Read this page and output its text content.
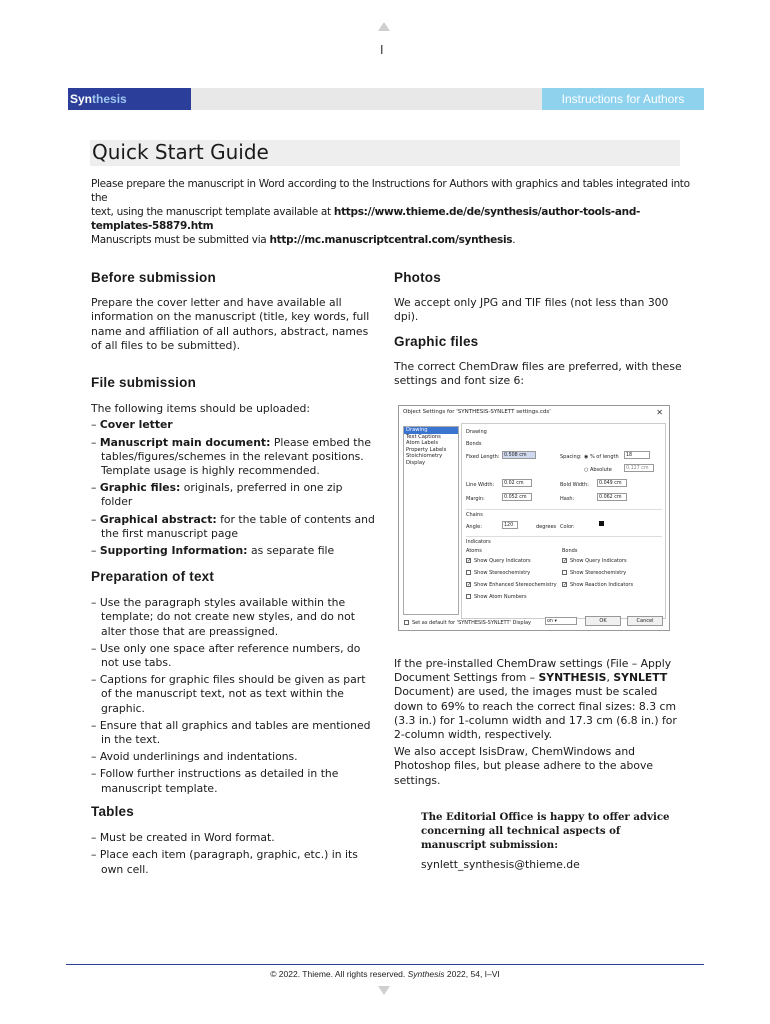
I
Synthesis	Instructions for Authors
Quick Start Guide
Please prepare the manuscript in Word according to the Instructions for Authors with graphics and tables integrated into the
text, using the manuscript template available at https://www.thieme.de/de/synthesis/author-tools-and-templates-58879.htm
Manuscripts must be submitted via http://mc.manuscriptcentral.com/synthesis.
Before submission

Prepare the cover letter and have available all information on the manuscript (title, key words, full name and affiliation of all authors, abstract, names of all files to be submitted).

File submission

The following items should be uploaded:

– Cover letter
– Manuscript main document: Please embed the tables/figures/schemes in the relevant positions. Template usage is highly recommended.
– Graphic files: originals, preferred in one zip folder
– Graphical abstract: for the table of contents and the first manuscript page
– Supporting Information: as separate file
Preparation of text
– Use the paragraph styles available within the template; do not create new styles, and do not alter those that are preassigned.
– Use only one space after reference numbers, do not use tabs.
– Captions for graphic files should be given as part of the manuscript text, not as text within the graphic.
– Ensure that all graphics and tables are mentioned in the text.
– Avoid underlinings and indentations.
– Follow further instructions as detailed in the manuscript template.
Tables
– Must be created in Word format.
– Place each item (paragraph, graphic, etc.) in its own cell.
Photos

We accept only JPG and TIF files (not less than 300 dpi).

Graphic files

The correct ChemDraw files are preferred, with these settings and font size 6:

Object Settings for 'SYNTHESIS-SYNLETT settings.cds'	✕
Drawing
Text Captions
Atom Labels
Property Labels
Stoichiometry Display
Drawing
Bonds
Fixed Length: 0.508 cm	Spacing: ◉ % of length	18
○ Absolute	0.127 cm
Line Width:	0.02 cm	Bold Width:	0.049 cm
Margin:	0.052 cm	Hash:	0.062 cm
Chains
Angle:	120	degrees Color:
Indicators
Atoms	Bonds
✓ Show Query Indicators	✓ Show Query Indicators
Show Stereochemistry	Show Stereochemistry
✓ Show Enhanced Stereochemistry ✓ Show Reaction Indicators
Show Atom Numbers
Set as default for 'SYNTHESIS-SYNLETT' Display	on ▾	OK	Cancel

If the pre-installed ChemDraw settings (File – Apply Document Settings from – SYNTHESIS, SYNLETT Document) are used, the images must be scaled down to 69% to reach the correct final sizes: 8.3 cm (3.3 in.) for 1-column width and 17.3 cm (6.8 in.) for 2-column width, respectively.

We also accept IsisDraw, ChemWindows and Photoshop files, but please adhere to the above settings.

The Editorial Office is happy to offer advice concerning all technical aspects of manuscript submission:

synlett_synthesis@thieme.de

© 2022. Thieme. All rights reserved. Synthesis 2022, 54, I–VI
